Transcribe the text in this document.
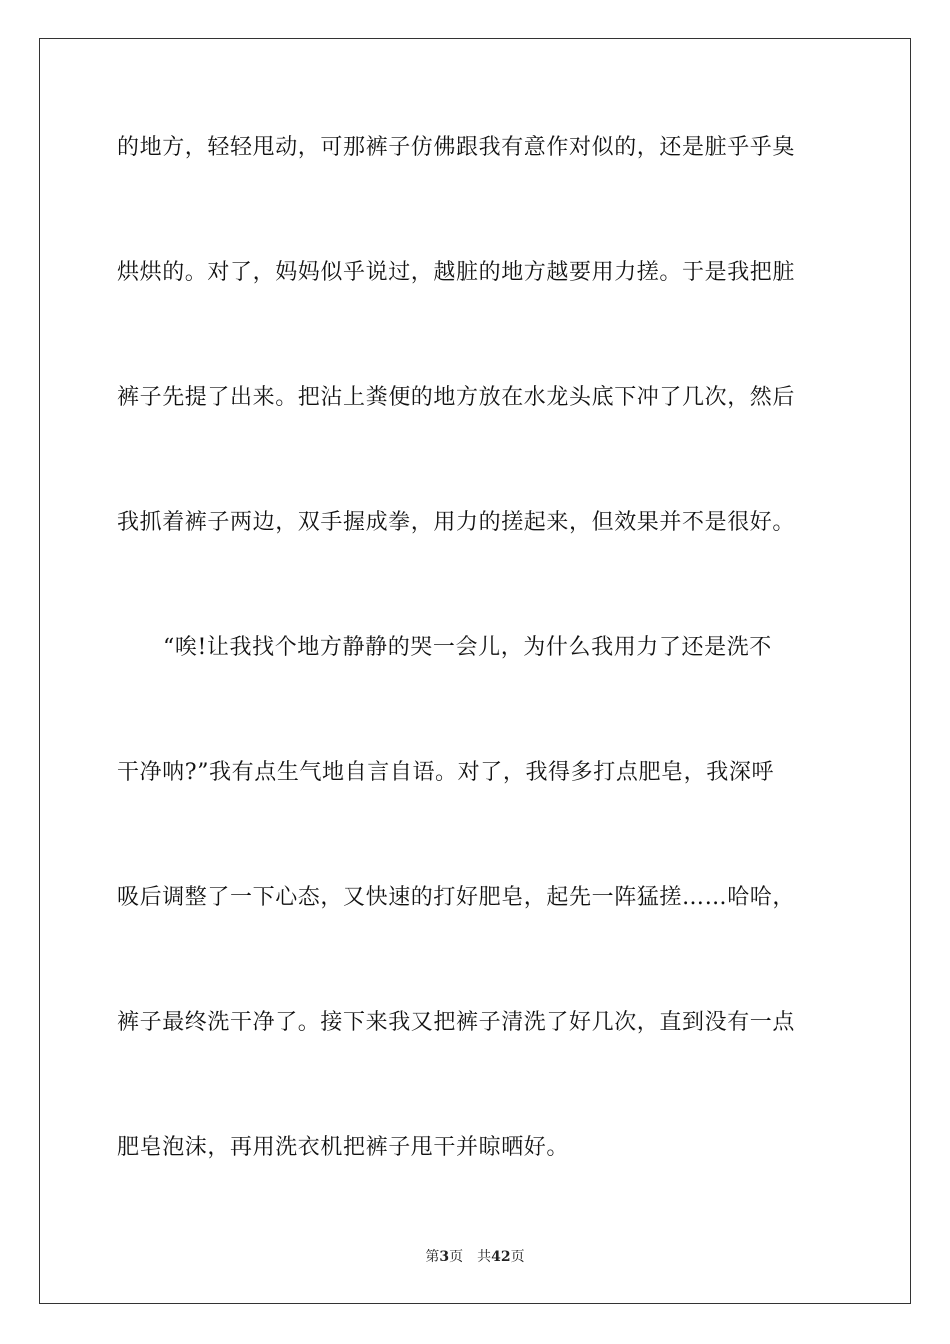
的地方，轻轻甩动，可那裤子仿佛跟我有意作对似的，还是脏乎乎臭
烘烘的。对了，妈妈似乎说过，越脏的地方越要用力搓。于是我把脏
裤子先提了出来。把沾上粪便的地方放在水龙头底下冲了几次，然后
我抓着裤子两边，双手握成拳，用力的搓起来，但效果并不是很好。
“唉!让我找个地方静静的哭一会儿，为什么我用力了还是洗不
干净呐?”我有点生气地自言自语。对了，我得多打点肥皂，我深呼
吸后调整了一下心态，又快速的打好肥皂，起先一阵猛搓……哈哈，
裤子最终洗干净了。接下来我又把裤子清洗了好几次，直到没有一点
肥皂泡沫，再用洗衣机把裤子甩干并晾晒好。
第3页 共42页
